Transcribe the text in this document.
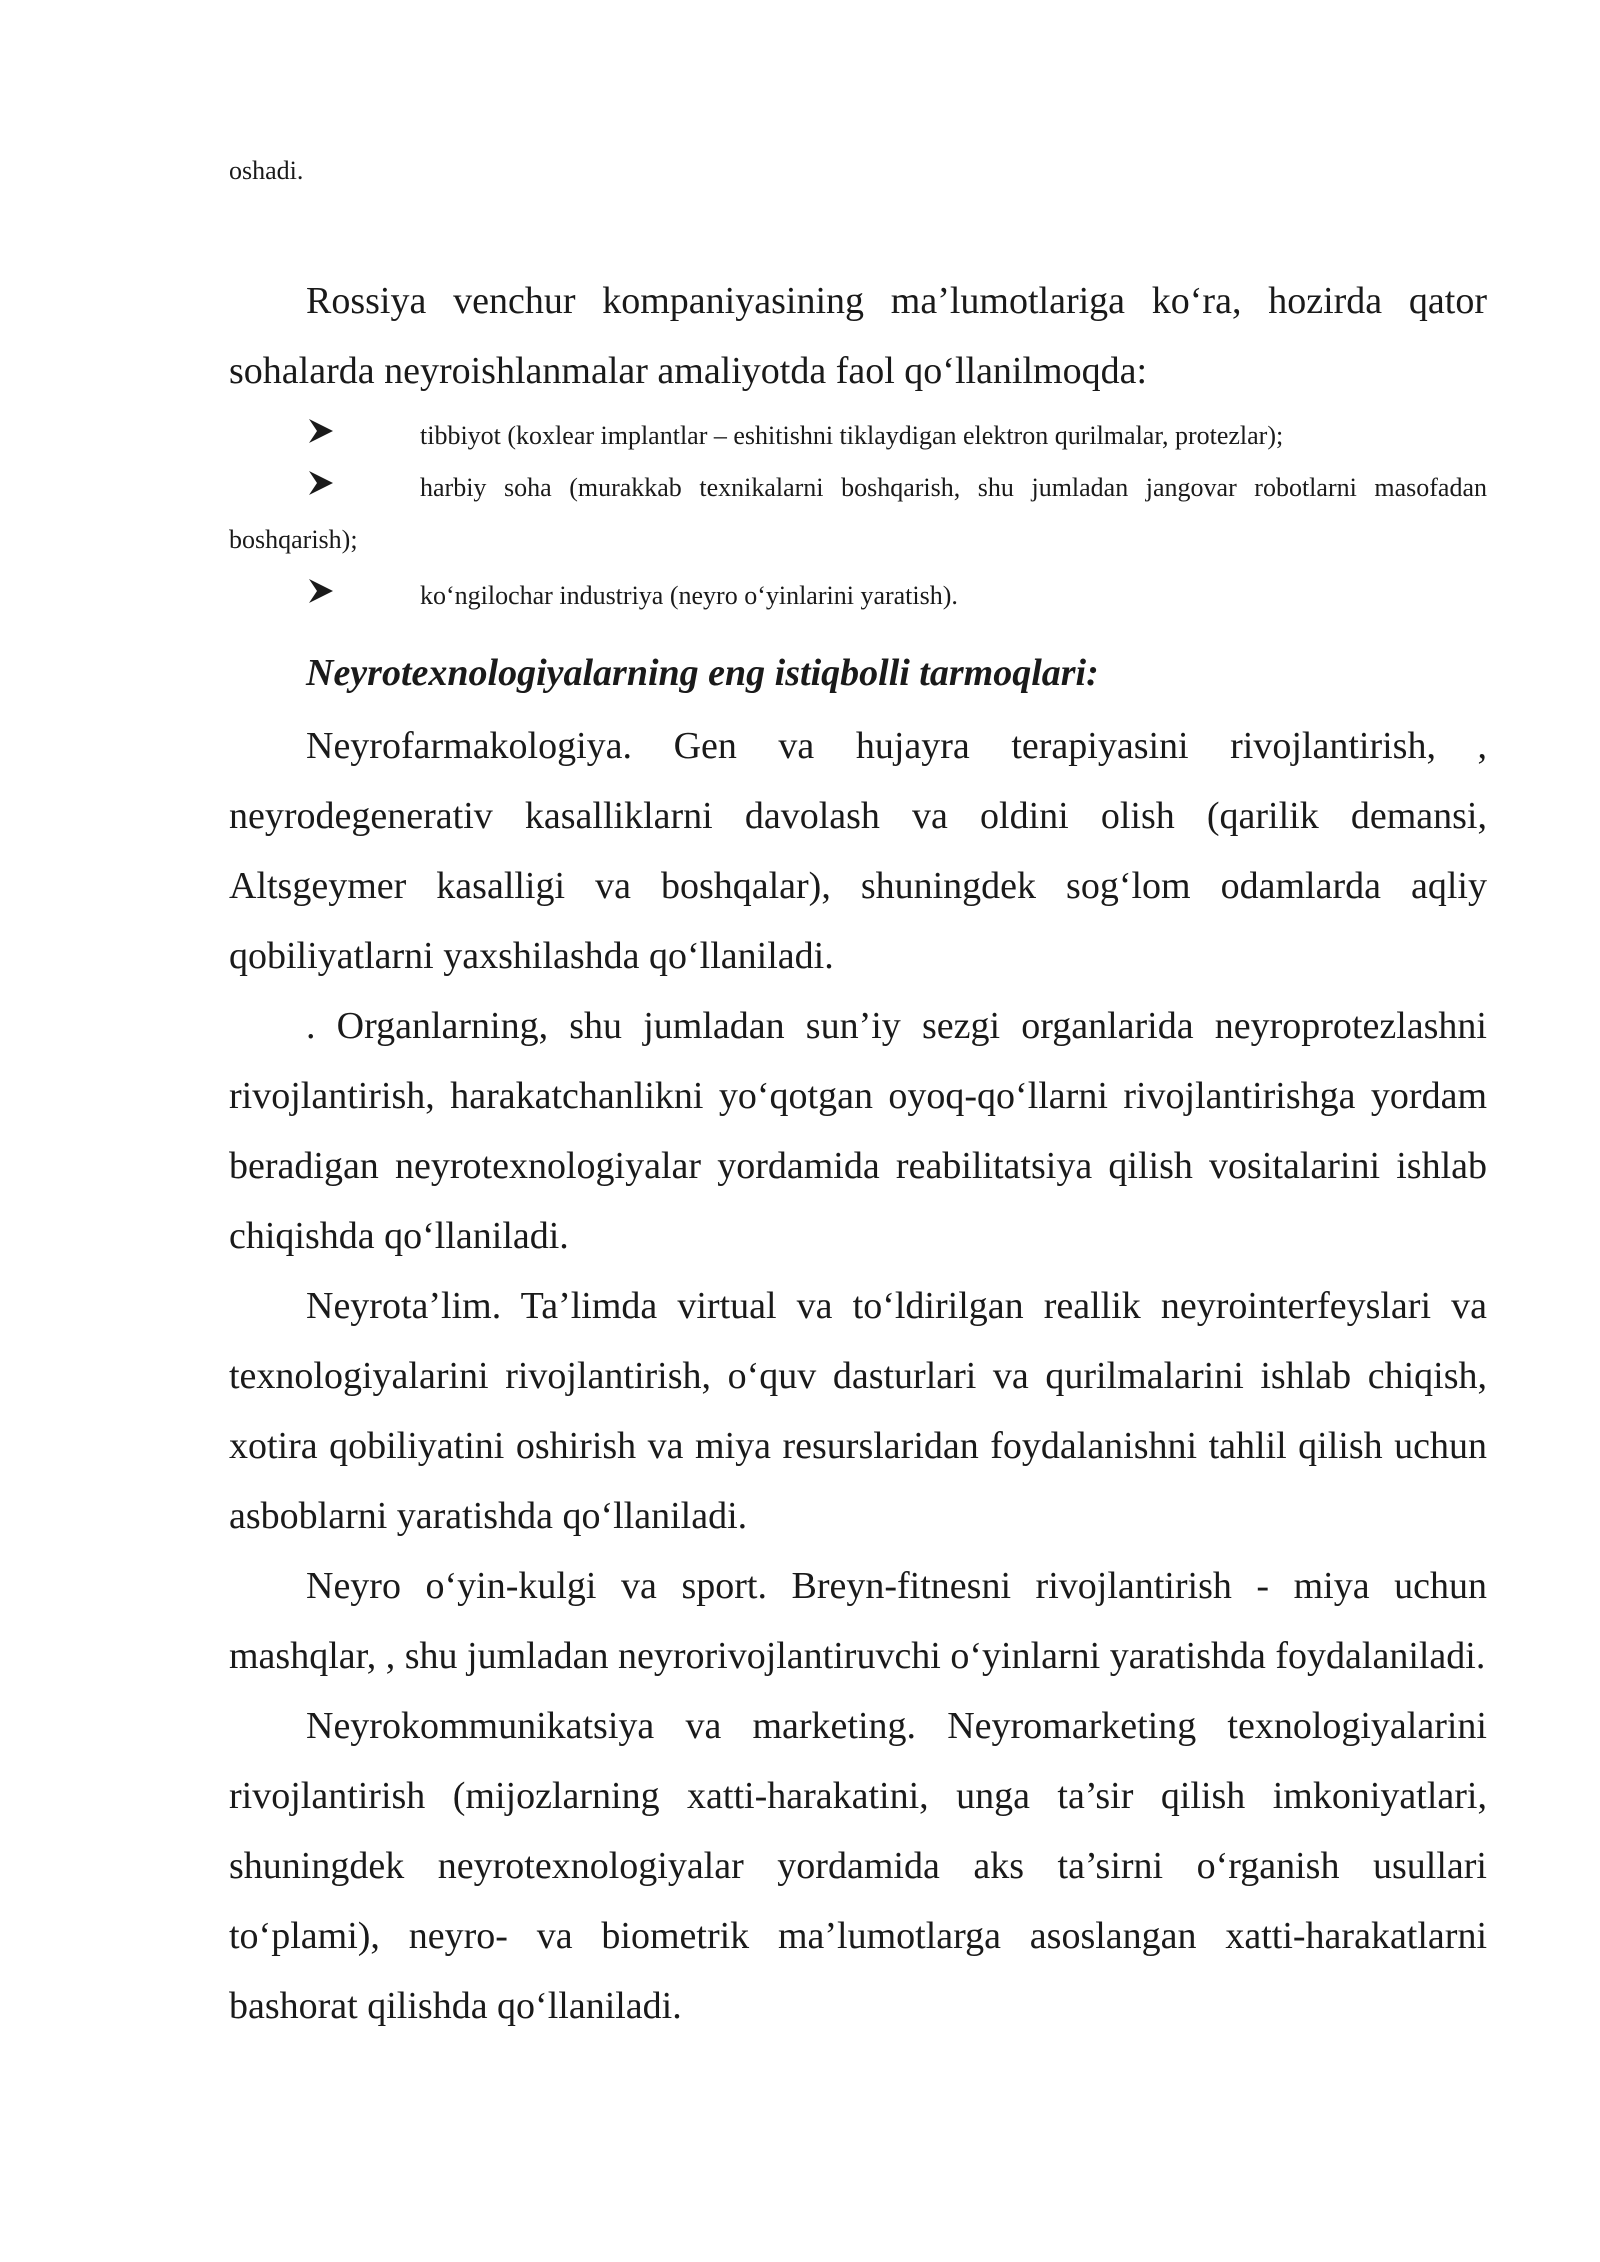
oshadi.

Rossiya venchur kompaniyasining ma’lumotlariga ko‘ra, hozirda qator sohalarda neyroishlanmalar amaliyotda faol qo‘llanilmoqda:

tibbiyot (koxlear implantlar – eshitishni tiklaydigan elektron qurilmalar, protezlar);
harbiy soha (murakkab texnikalarni boshqarish, shu jumladan jangovar robotlarni masofadan boshqarish);
ko‘ngilochar industriya (neyro o‘yinlarini yaratish).
Neyrotexnologiyalarning eng istiqbolli tarmoqlari:

Neyrofarmakologiya. Gen va hujayra terapiyasini rivojlantirish, , neyrodegenerativ kasalliklarni davolash va oldini olish (qarilik demansi, Altsgeymer kasalligi va boshqalar), shuningdek sog‘lom odamlarda aqliy qobiliyatlarni yaxshilashda qo‘llaniladi.

. Organlarning, shu jumladan sun’iy sezgi organlarida neyroprotezlashni rivojlantirish, harakatchanlikni yo‘qotgan oyoq-qo‘llarni rivojlantirishga yordam beradigan neyrotexnologiyalar yordamida reabilitatsiya qilish vositalarini ishlab chiqishda qo‘llaniladi.

Neyrota’lim. Ta’limda virtual va to‘ldirilgan reallik neyrointerfeyslari va texnologiyalarini rivojlantirish, o‘quv dasturlari va qurilmalarini ishlab chiqish, xotira qobiliyatini oshirish va miya resurslaridan foydalanishni tahlil qilish uchun asboblarni yaratishda qo‘llaniladi.

Neyro o‘yin-kulgi va sport. Breyn-fitnesni rivojlantirish - miya uchun mashqlar, , shu jumladan neyrorivojlantiruvchi o‘yinlarni yaratishda foydalaniladi.

Neyrokommunikatsiya va marketing. Neyromarketing texnologiyalarini rivojlantirish (mijozlarning xatti-harakatini, unga ta’sir qilish imkoniyatlari, shuningdek neyrotexnologiyalar yordamida aks ta’sirni o‘rganish usullari to‘plami), neyro- va biometrik ma’lumotlarga asoslangan xatti-harakatlarni bashorat qilishda qo‘llaniladi.
